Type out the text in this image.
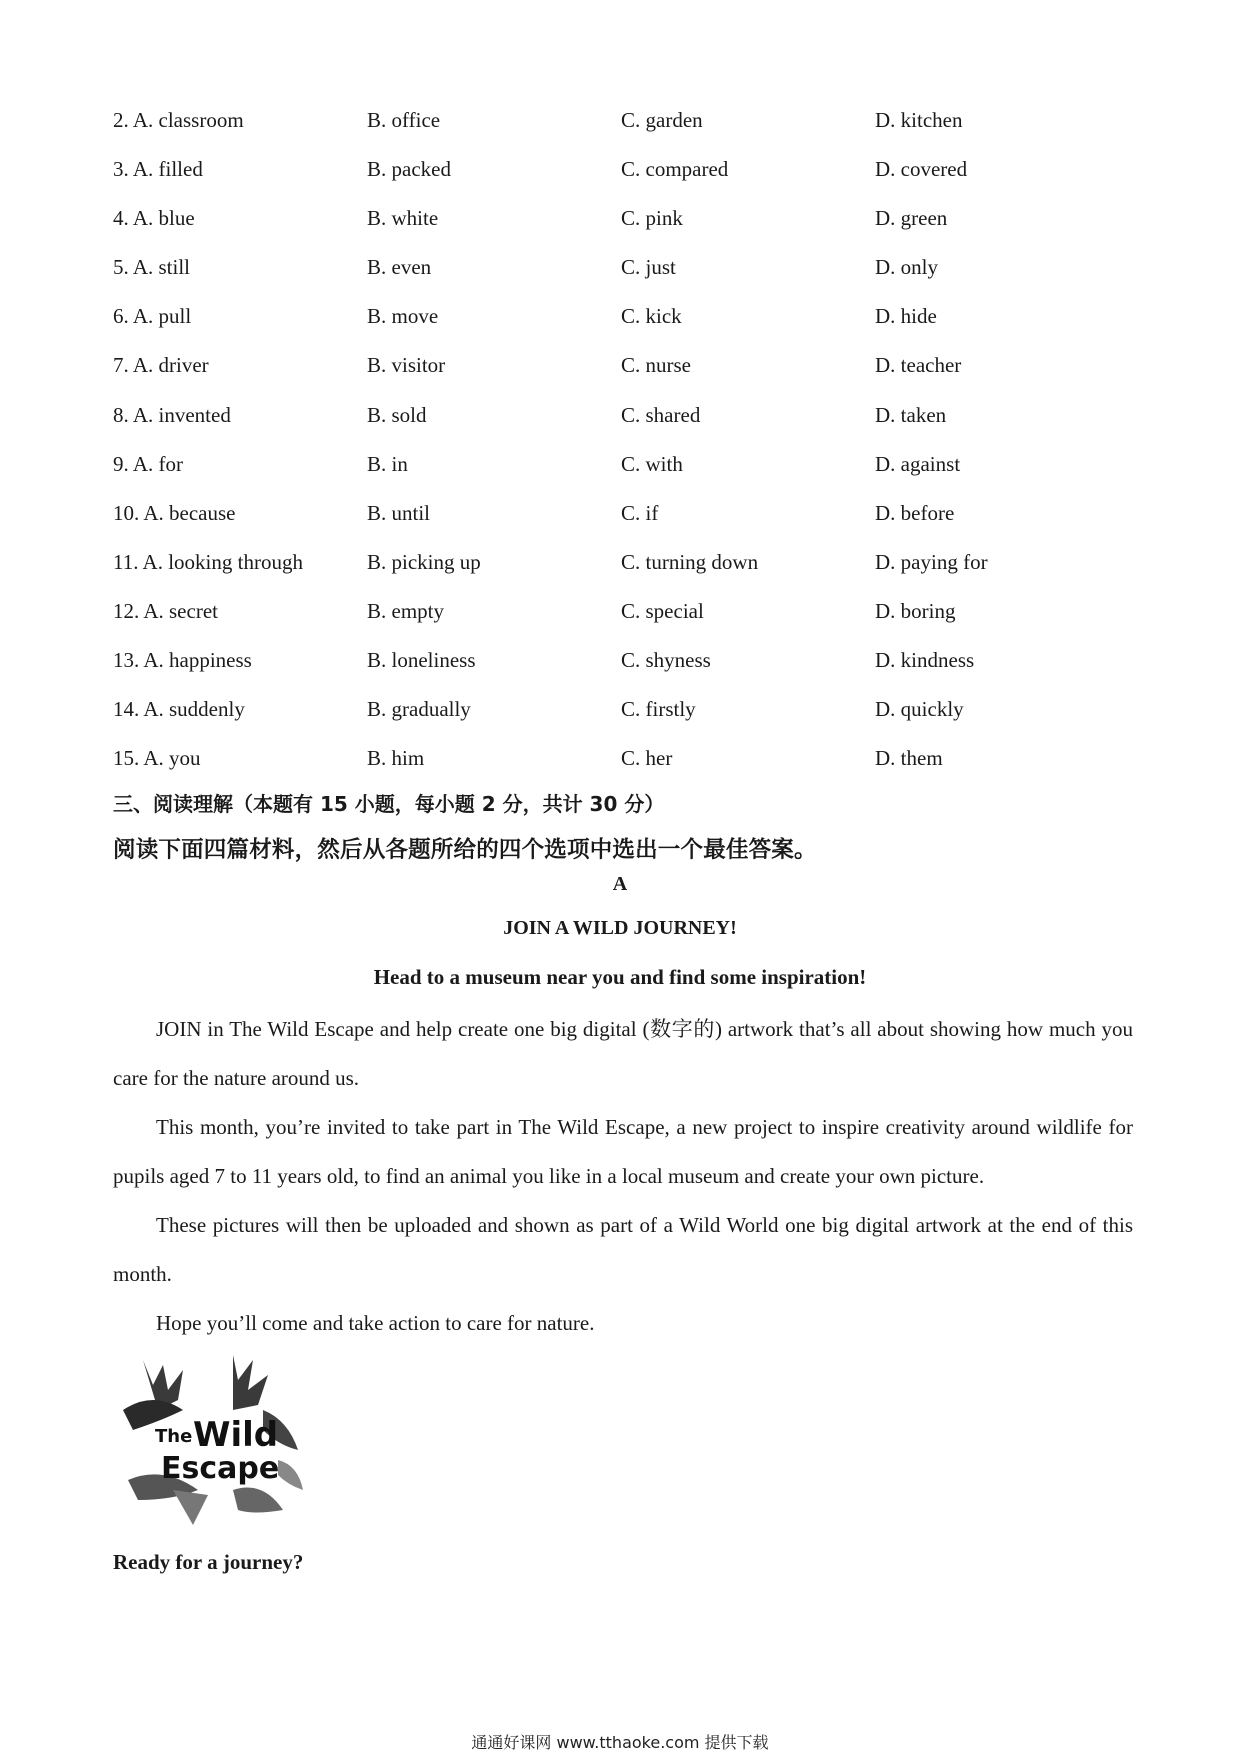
2. A. classroom	B. office	C. garden	D. kitchen
3. A. filled	B. packed	C. compared	D. covered
4. A. blue	B. white	C. pink	D. green
5. A. still	B. even	C. just	D. only
6. A. pull	B. move	C. kick	D. hide
7. A. driver	B. visitor	C. nurse	D. teacher
8. A. invented	B. sold	C. shared	D. taken
9. A. for	B. in	C. with	D. against
10. A. because	B. until	C. if	D. before
11. A. looking through	B. picking up	C. turning down	D. paying for
12. A. secret	B. empty	C. special	D. boring
13. A. happiness	B. loneliness	C. shyness	D. kindness
14. A. suddenly	B. gradually	C. firstly	D. quickly
15. A. you	B. him	C. her	D. them
三、阅读理解（本题有 15 小题，每小题 2 分，共计 30 分）
阅读下面四篇材料，然后从各题所给的四个选项中选出一个最佳答案。
A
JOIN A WILD JOURNEY!
Head to a museum near you and find some inspiration!

JOIN in The Wild Escape and help create one big digital (数字的) artwork that’s all about showing how much you care for the nature around us.

This month, you’re invited to take part in The Wild Escape, a new project to inspire creativity around wildlife for pupils aged 7 to 11 years old, to find an animal you like in a local museum and create your own picture.

These pictures will then be uploaded and shown as part of a Wild World one big digital artwork at the end of this month.

Hope you’ll come and take action to care for nature.

The Wild
Escape
Ready for a journey?
通通好课网 www.tthaoke.com 提供下载
